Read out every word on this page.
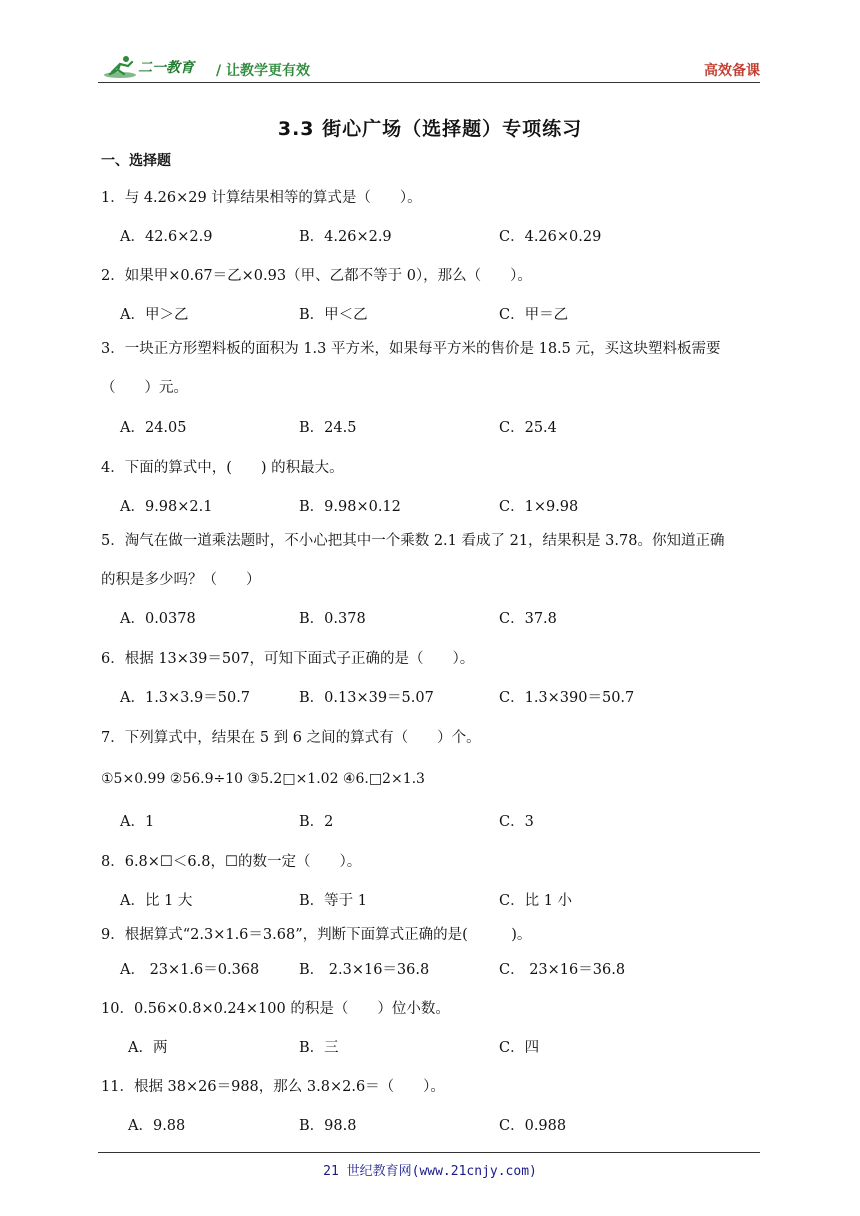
二一教育 / 让教学更有效	高效备课
3.3 街心广场（选择题）专项练习
一、选择题
1．与 4.26×29 计算结果相等的算式是（　　）。
A．42.6×2.9	B．4.26×2.9	C．4.26×0.29
2．如果甲×0.67＝乙×0.93（甲、乙都不等于 0），那么（　　）。
A．甲＞乙	B．甲＜乙	C．甲＝乙
3．一块正方形塑料板的面积为 1.3 平方米，如果每平方米的售价是 18.5 元，买这块塑料板需要
（　　）元。
A．24.05	B．24.5	C．25.4
4．下面的算式中，(　　) 的积最大。
A．9.98×2.1	B．9.98×0.12	C．1×9.98
5．淘气在做一道乘法题时，不小心把其中一个乘数 2.1 看成了 21，结果积是 3.78。你知道正确
的积是多少吗？（　　）
A．0.0378	B．0.378	C．37.8
6．根据 13×39＝507，可知下面式子正确的是（　　）。
A．1.3×3.9＝50.7	B．0.13×39＝5.07	C．1.3×390＝50.7
7．下列算式中，结果在 5 到 6 之间的算式有（　　）个。
①5×0.99 ②56.9÷10 ③5.2□×1.02 ④6.□2×1.3
A．1	B．2	C．3
8．6.8×☐＜6.8，☐的数一定（　　）。
A．比 1 大	B．等于 1	C．比 1 小
9．根据算式“2.3×1.6＝3.68”，判断下面算式正确的是(　　　)。
A． 23×1.6＝0.368	B． 2.3×16＝36.8	C． 23×16＝36.8
10．0.56×0.8×0.24×100 的积是（　　）位小数。
A．两	B．三	C．四
11．根据 38×26＝988，那么 3.8×2.6＝（　　）。
A．9.88	B．98.8	C．0.988
21 世纪教育网(www.21cnjy.com)
